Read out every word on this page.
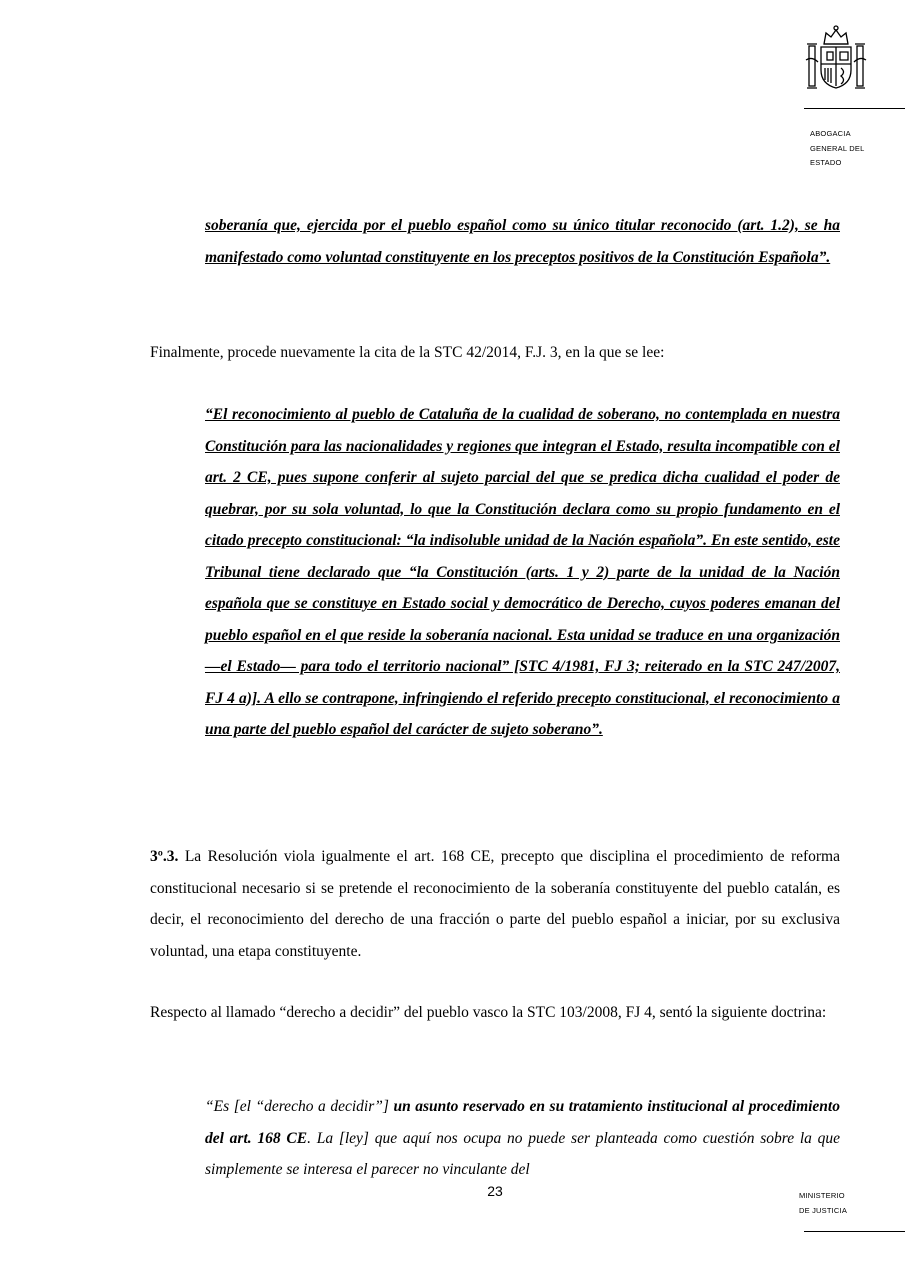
ABOGACIA
GENERAL DEL
ESTADO
soberanía que, ejercida por el pueblo español como su único titular reconocido (art. 1.2), se ha manifestado como voluntad constituyente en los preceptos positivos de la Constitución Española”.
Finalmente, procede nuevamente la cita de la STC 42/2014, F.J. 3, en la que se lee:
“El reconocimiento al pueblo de Cataluña de la cualidad de soberano, no contemplada en nuestra Constitución para las nacionalidades y regiones que integran el Estado, resulta incompatible con el art. 2 CE, pues supone conferir al sujeto parcial del que se predica dicha cualidad el poder de quebrar, por su sola voluntad, lo que la Constitución declara como su propio fundamento en el citado precepto constitucional: “la indisoluble unidad de la Nación española”. En este sentido, este Tribunal tiene declarado que “la Constitución (arts. 1 y 2) parte de la unidad de la Nación española que se constituye en Estado social y democrático de Derecho, cuyos poderes emanan del pueblo español en el que reside la soberanía nacional. Esta unidad se traduce en una organización —el Estado— para todo el territorio nacional” [STC 4/1981, FJ 3; reiterado en la STC 247/2007, FJ 4 a)]. A ello se contrapone, infringiendo el referido precepto constitucional, el reconocimiento a una parte del pueblo español del carácter de sujeto soberano”.
3º.3. La Resolución viola igualmente el art. 168 CE, precepto que disciplina el procedimiento de reforma constitucional necesario si se pretende el reconocimiento de la soberanía constituyente del pueblo catalán, es decir, el reconocimiento del derecho de una fracción o parte del pueblo español a iniciar, por su exclusiva voluntad, una etapa constituyente.
Respecto al llamado “derecho a decidir” del pueblo vasco la STC 103/2008, FJ 4, sentó la siguiente doctrina:
“Es [el “derecho a decidir”] un asunto reservado en su tratamiento institucional al procedimiento del art. 168 CE. La [ley] que aquí nos ocupa no puede ser planteada como cuestión sobre la que simplemente se interesa el parecer no vinculante del
23	MINISTERIO
DE JUSTICIA
